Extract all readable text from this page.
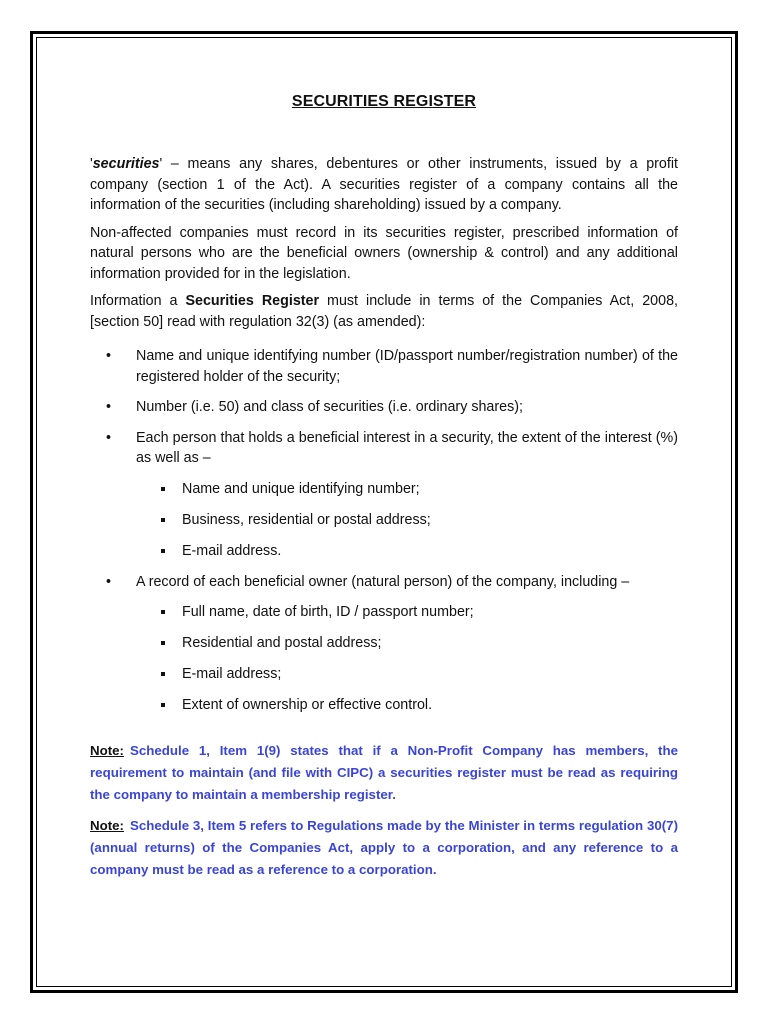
SECURITIES REGISTER

'securities' – means any shares, debentures or other instruments, issued by a profit company (section 1 of the Act). A securities register of a company contains all the information of the securities (including shareholding) issued by a company.

Non-affected companies must record in its securities register, prescribed information of natural persons who are the beneficial owners (ownership & control) and any additional information provided for in the legislation.

Information a Securities Register must include in terms of the Companies Act, 2008, [section 50] read with regulation 32(3) (as amended):

• Name and unique identifying number (ID/passport number/registration number) of the registered holder of the security;
• Number (i.e. 50) and class of securities (i.e. ordinary shares);
• Each person that holds a beneficial interest in a security, the extent of the interest (%) as well as –
Name and unique identifying number;
Business, residential or postal address;
E-mail address.
• A record of each beneficial owner (natural person) of the company, including –
Full name, date of birth, ID / passport number;
Residential and postal address;
E-mail address;
Extent of ownership or effective control.

Note: Schedule 1, Item 1(9) states that if a Non-Profit Company has members, the requirement to maintain (and file with CIPC) a securities register must be read as requiring the company to maintain a membership register.

Note: Schedule 3, Item 5 refers to Regulations made by the Minister in terms regulation 30(7) (annual returns) of the Companies Act, apply to a corporation, and any reference to a company must be read as a reference to a corporation.
